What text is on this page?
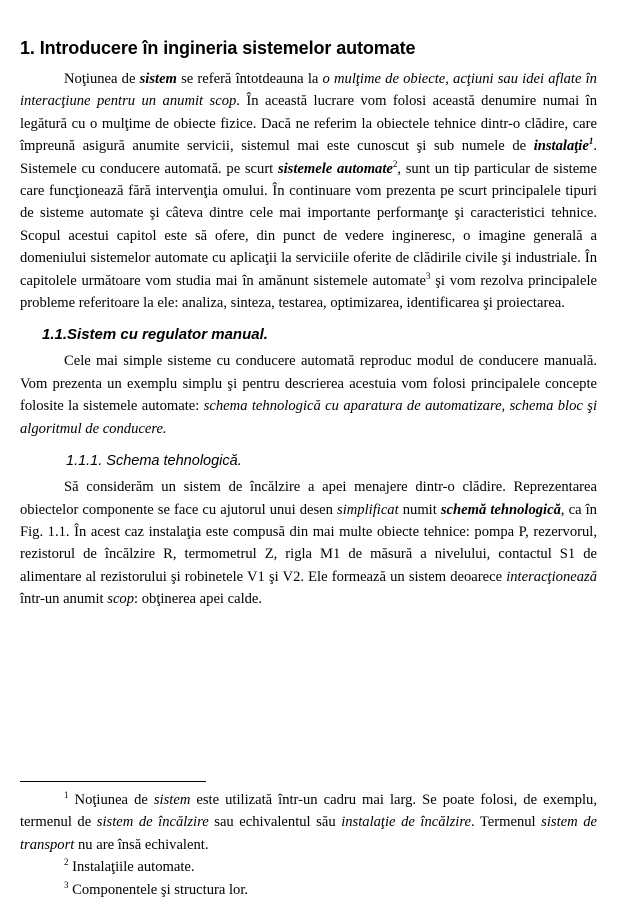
1. Introducere în ingineria sistemelor automate

Noţiunea de sistem se referă întotdeauna la o mulţime de obiecte, acţiuni sau idei aflate în interacţiune pentru un anumit scop. În această lucrare vom folosi această denumire numai în legătură cu o mulţime de obiecte fizice. Dacă ne referim la obiectele tehnice dintr-o clădire, care împreună asigură anumite servicii, sistemul mai este cunoscut şi sub numele de instalaţie$^1$. Sistemele cu conducere automată. pe scurt sistemele automate$^2$, sunt un tip particular de sisteme care funcţionează fără intervenţia omului. În continuare vom prezenta pe scurt principalele tipuri de sisteme automate şi câteva dintre cele mai importante performanţe şi caracteristici tehnice. Scopul acestui capitol este să ofere, din punct de vedere ingineresc, o imagine generală a domeniului sistemelor automate cu aplicaţii la serviciile oferite de clădirile civile şi industriale. În capitolele următoare vom studia mai în amănunt sistemele automate$^3$ şi vom rezolva principalele probleme referitoare la ele: analiza, sinteza, testarea, optimizarea, identificarea şi proiectarea.

1.1.Sistem cu regulator manual.

Cele mai simple sisteme cu conducere automată reproduc modul de conducere manuală. Vom prezenta un exemplu simplu şi pentru descrierea acestuia vom folosi principalele concepte folosite la sistemele automate: schema tehnologică cu aparatura de automatizare, schema bloc şi algoritmul de conducere.

1.1.1. Schema tehnologică.

Să considerăm un sistem de încălzire a apei menajere dintr-o clădire. Reprezentarea obiectelor componente se face cu ajutorul unui desen simplificat numit schemă tehnologică, ca în Fig. 1.1. În acest caz instalaţia este compusă din mai multe obiecte tehnice: pompa P, rezervorul, rezistorul de încălzire R, termometrul Z, rigla M1 de măsură a nivelului, contactul S1 de alimentare al rezistorului şi robinetele V1 şi V2. Ele formează un sistem deoarece interacţionează într-un anumit scop: obţinerea apei calde.

$^1$ Noţiunea de sistem este utilizată într-un cadru mai larg. Se poate folosi, de exemplu, termenul de sistem de încălzire sau echivalentul său instalaţie de încălzire. Termenul sistem de transport nu are însă echivalent.

$^2$ Instalaţiile automate.

$^3$ Componentele şi structura lor.
